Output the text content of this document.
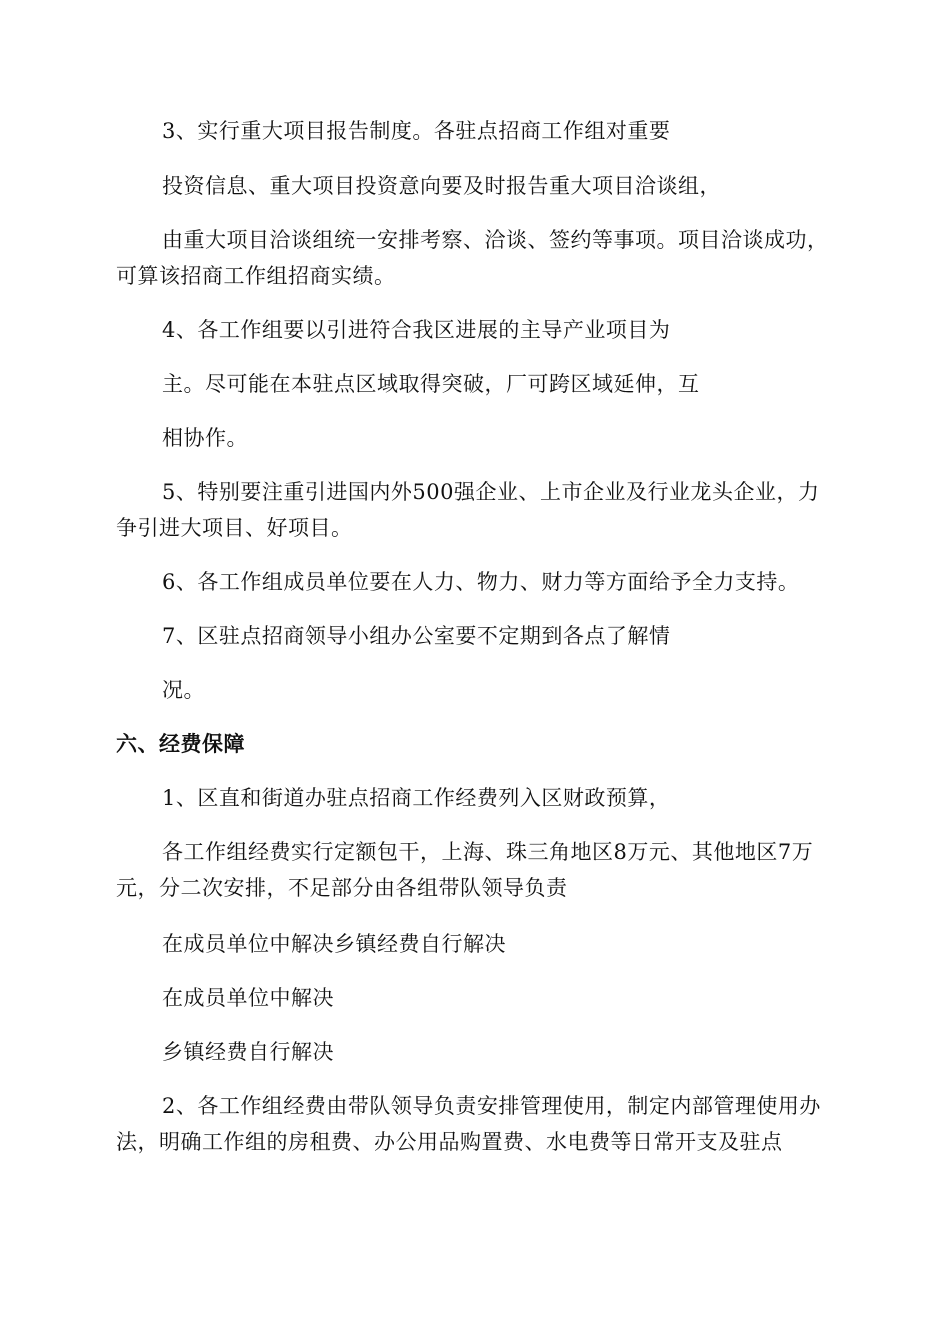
3、实行重大项目报告制度。各驻点招商工作组对重要

投资信息、重大项目投资意向要及时报告重大项目洽谈组，

由重大项目洽谈组统一安排考察、洽谈、签约等事项。项目洽谈成功，可算该招商工作组招商实绩。

4、各工作组要以引进符合我区进展的主导产业项目为

主。尽可能在本驻点区域取得突破，厂可跨区域延伸，互

相协作。

5、特别要注重引进国内外500强企业、上市企业及行业龙头企业，力争引进大项目、好项目。

6、各工作组成员单位要在人力、物力、财力等方面给予全力支持。

7、区驻点招商领导小组办公室要不定期到各点了解情

况。

六、经费保障

1、区直和街道办驻点招商工作经费列入区财政预算，

各工作组经费实行定额包干，上海、珠三角地区8万元、其他地区7万元，分二次安排，不足部分由各组带队领导负责

在成员单位中解决乡镇经费自行解决

在成员单位中解决

乡镇经费自行解决

2、各工作组经费由带队领导负责安排管理使用，制定内部管理使用办法，明确工作组的房租费、办公用品购置费、水电费等日常开支及驻点
